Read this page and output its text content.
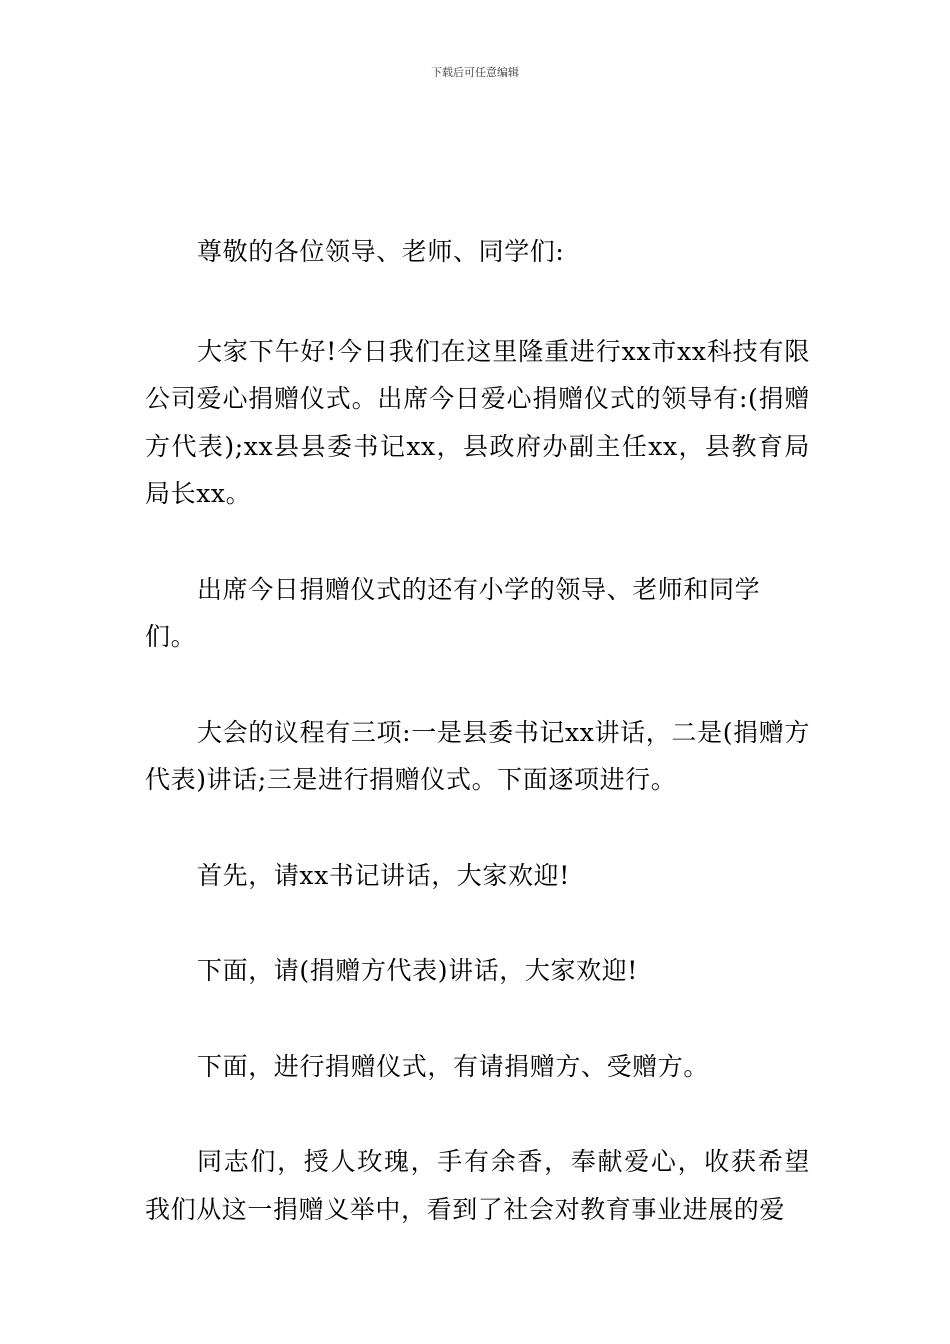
下载后可任意编辑

尊敬的各位领导、老师、同学们:

大家下午好!今日我们在这里隆重进行xx市xx科技有限公司爱心捐赠仪式。出席今日爱心捐赠仪式的领导有:(捐赠方代表);xx县县委书记xx，县政府办副主任xx，县教育局局长xx。

出席今日捐赠仪式的还有小学的领导、老师和同学们。

大会的议程有三项:一是县委书记xx讲话，二是(捐赠方代表)讲话;三是进行捐赠仪式。下面逐项进行。

首先，请xx书记讲话，大家欢迎!

下面，请(捐赠方代表)讲话，大家欢迎!

下面，进行捐赠仪式，有请捐赠方、受赠方。

同志们，授人玫瑰，手有余香，奉献爱心，收获希望我们从这一捐赠义举中，看到了社会对教育事业进展的爱
